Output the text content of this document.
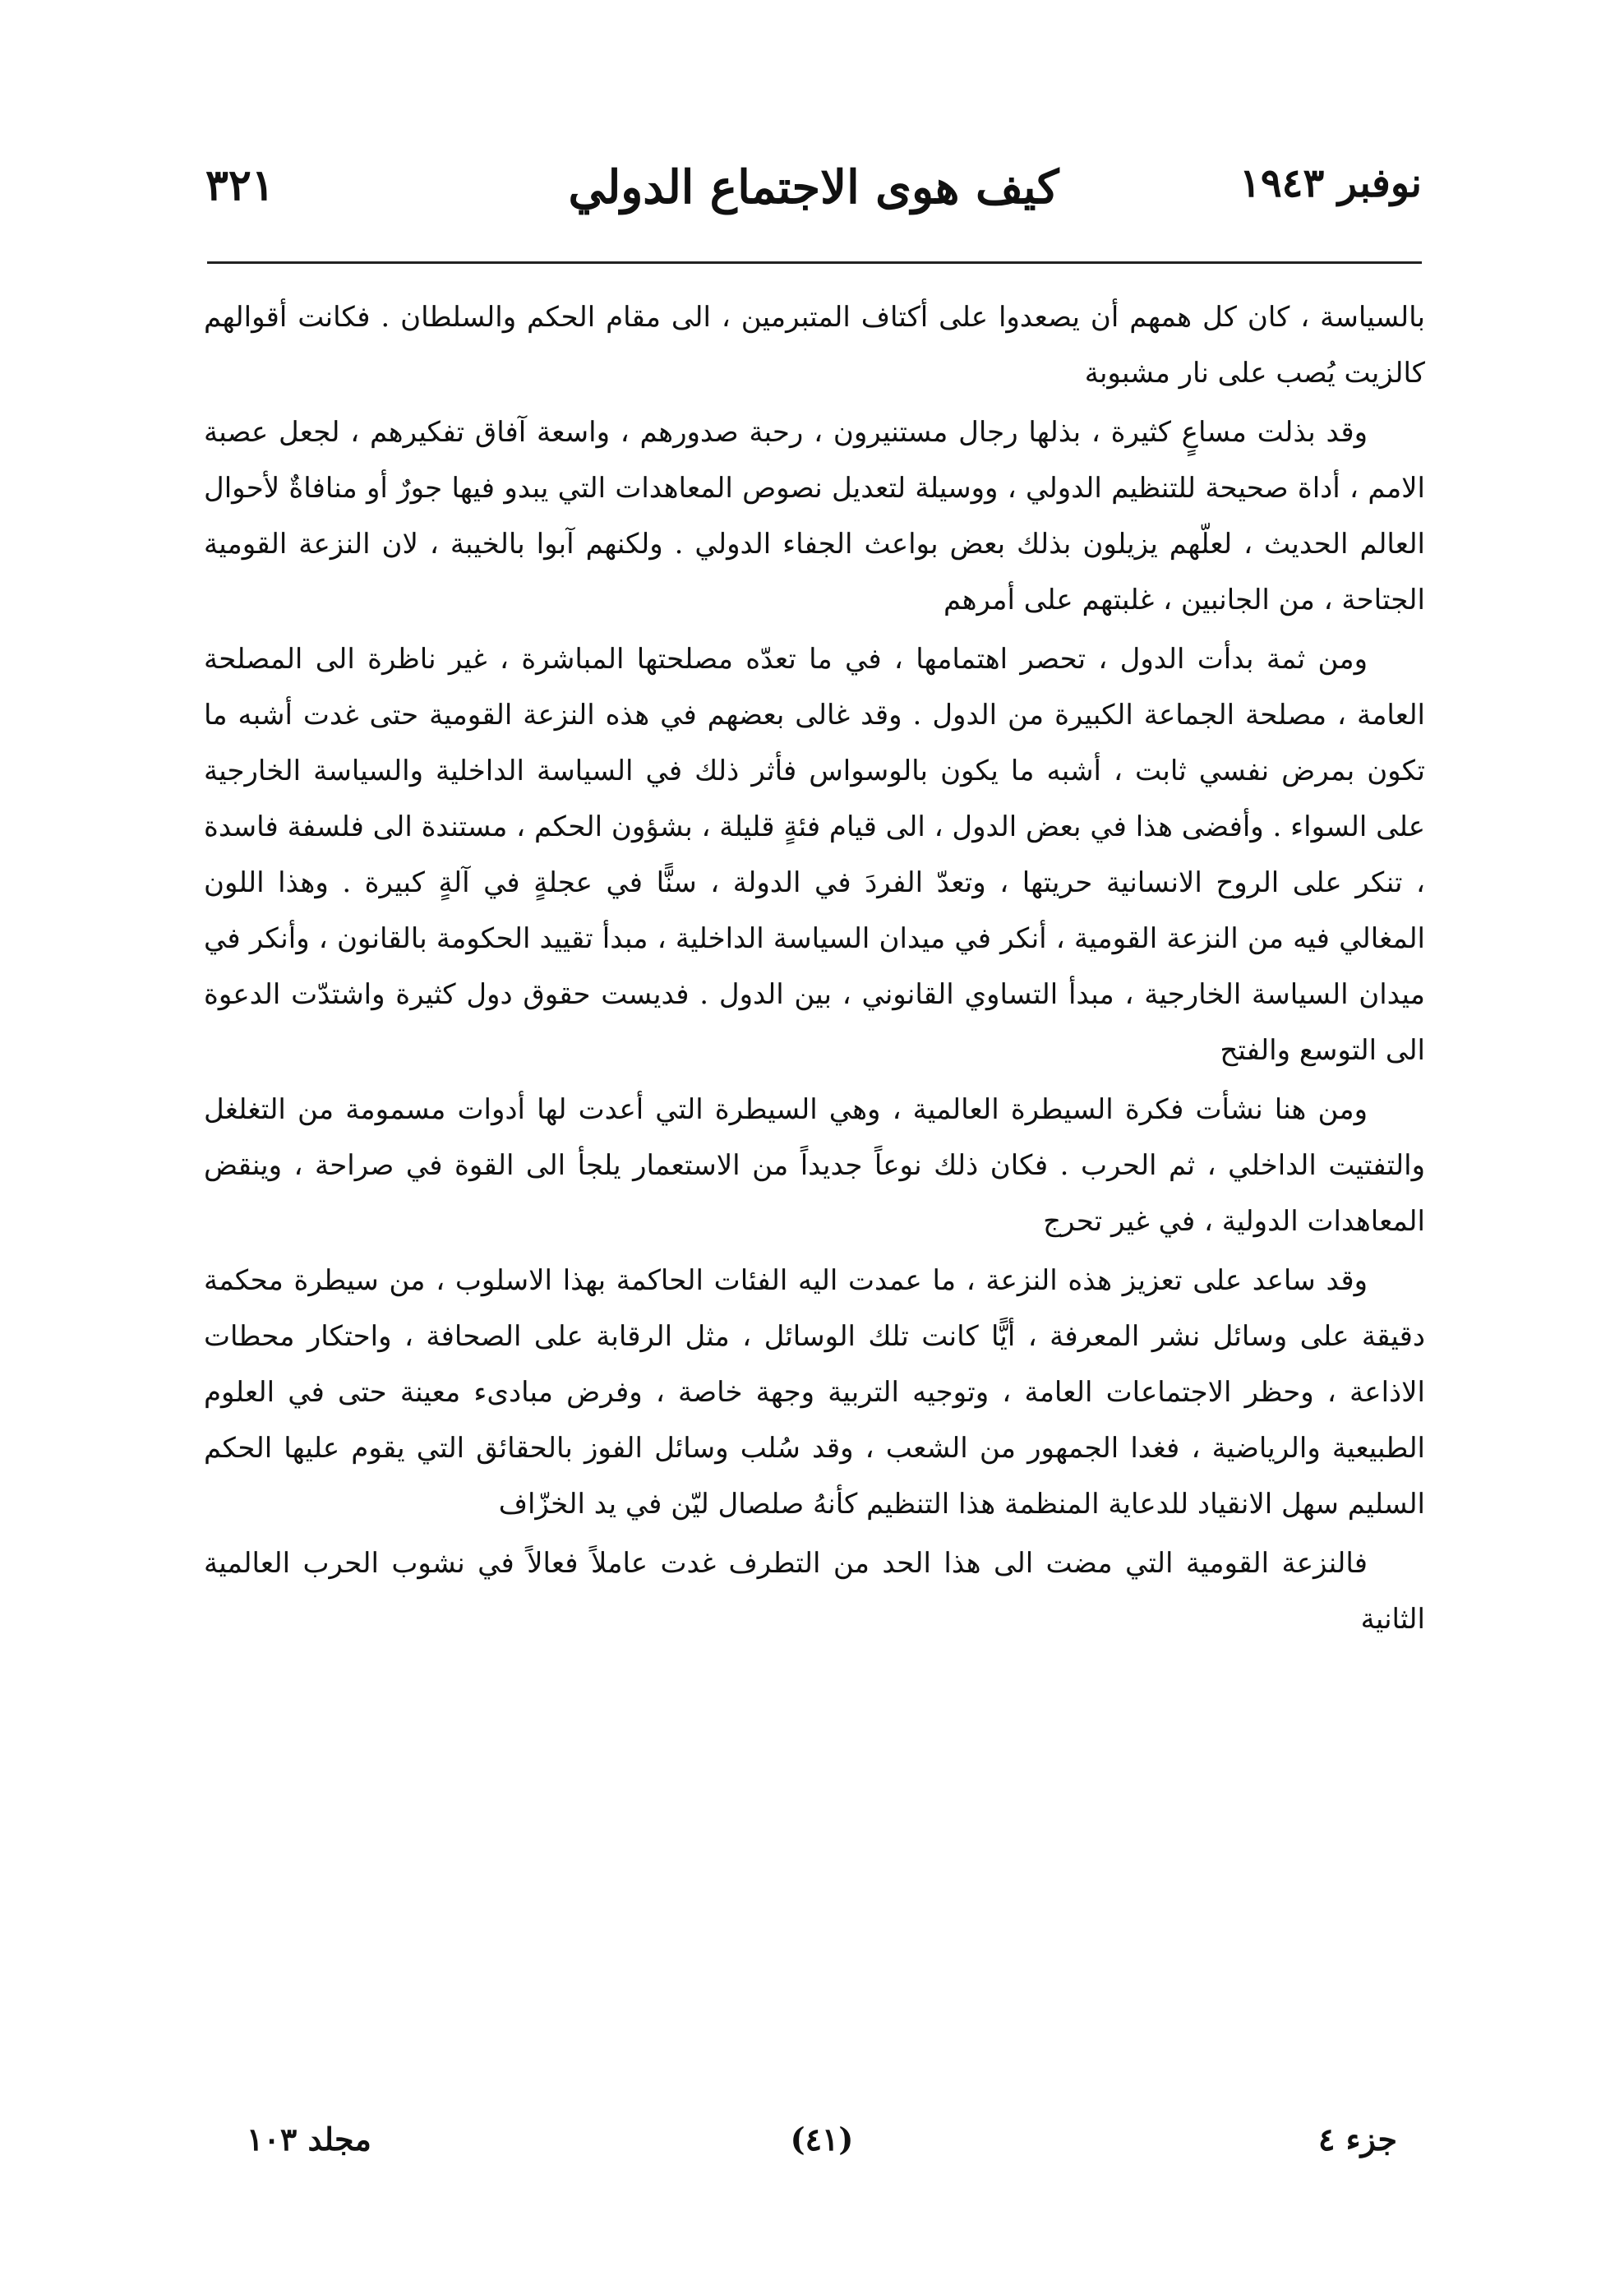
نوفبر ١٩٤٣
كيف هوى الاجتماع الدولي
٣٢١

بالسياسة ، كان كل همهم أن يصعدوا على أكتاف المتبرمين ، الى مقام الحكم والسلطان . فكانت أقوالهم كالزيت يُصب على نار مشبوبة

وقد بذلت مساعٍ كثيرة ، بذلها رجال مستنيرون ، رحبة صدورهم ، واسعة آفاق تفكيرهم ، لجعل عصبة الامم ، أداة صحيحة للتنظيم الدولي ، ووسيلة لتعديل نصوص المعاهدات التي يبدو فيها جورٌ أو منافاةٌ لأحوال العالم الحديث ، لعلّهم يزيلون بذلك بعض بواعث الجفاء الدولي . ولكنهم آبوا بالخيبة ، لان النزعة القومية الجتاحة ، من الجانبين ، غلبتهم على أمرهم

ومن ثمة بدأت الدول ، تحصر اهتمامها ، في ما تعدّه مصلحتها المباشرة ، غير ناظرة الى المصلحة العامة ، مصلحة الجماعة الكبيرة من الدول . وقد غالى بعضهم في هذه النزعة القومية حتى غدت أشبه ما تكون بمرض نفسي ثابت ، أشبه ما يكون بالوسواس فأثر ذلك في السياسة الداخلية والسياسة الخارجية على السواء . وأفضى هذا في بعض الدول ، الى قيام فئةٍ قليلة ، بشؤون الحكم ، مستندة الى فلسفة فاسدة ، تنكر على الروح الانسانية حريتها ، وتعدّ الفردَ في الدولة ، سنًّا في عجلةٍ في آلةٍ كبيرة . وهذا اللون المغالي فيه من النزعة القومية ، أنكر في ميدان السياسة الداخلية ، مبدأ تقييد الحكومة بالقانون ، وأنكر في ميدان السياسة الخارجية ، مبدأ التساوي القانوني ، بين الدول . فديست حقوق دول كثيرة واشتدّت الدعوة الى التوسع والفتح

ومن هنا نشأت فكرة السيطرة العالمية ، وهي السيطرة التي أعدت لها أدوات مسمومة من التغلغل والتفتيت الداخلي ، ثم الحرب . فكان ذلك نوعاً جديداً من الاستعمار يلجأ الى القوة في صراحة ، وينقض المعاهدات الدولية ، في غير تحرج

وقد ساعد على تعزيز هذه النزعة ، ما عمدت اليه الفئات الحاكمة بهذا الاسلوب ، من سيطرة محكمة دقيقة على وسائل نشر المعرفة ، أيًّا كانت تلك الوسائل ، مثل الرقابة على الصحافة ، واحتكار محطات الاذاعة ، وحظر الاجتماعات العامة ، وتوجيه التربية وجهة خاصة ، وفرض مبادىء معينة حتى في العلوم الطبيعية والرياضية ، فغدا الجمهور من الشعب ، وقد سُلب وسائل الفوز بالحقائق التي يقوم عليها الحكم السليم سهل الانقياد للدعاية المنظمة هذا التنظيم كأنهُ صلصال ليّن في يد الخزّاف

فالنزعة القومية التي مضت الى هذا الحد من التطرف غدت عاملاً فعالاً في نشوب الحرب العالمية الثانية

جزء ٤
(٤١)
مجلد ١٠٣
